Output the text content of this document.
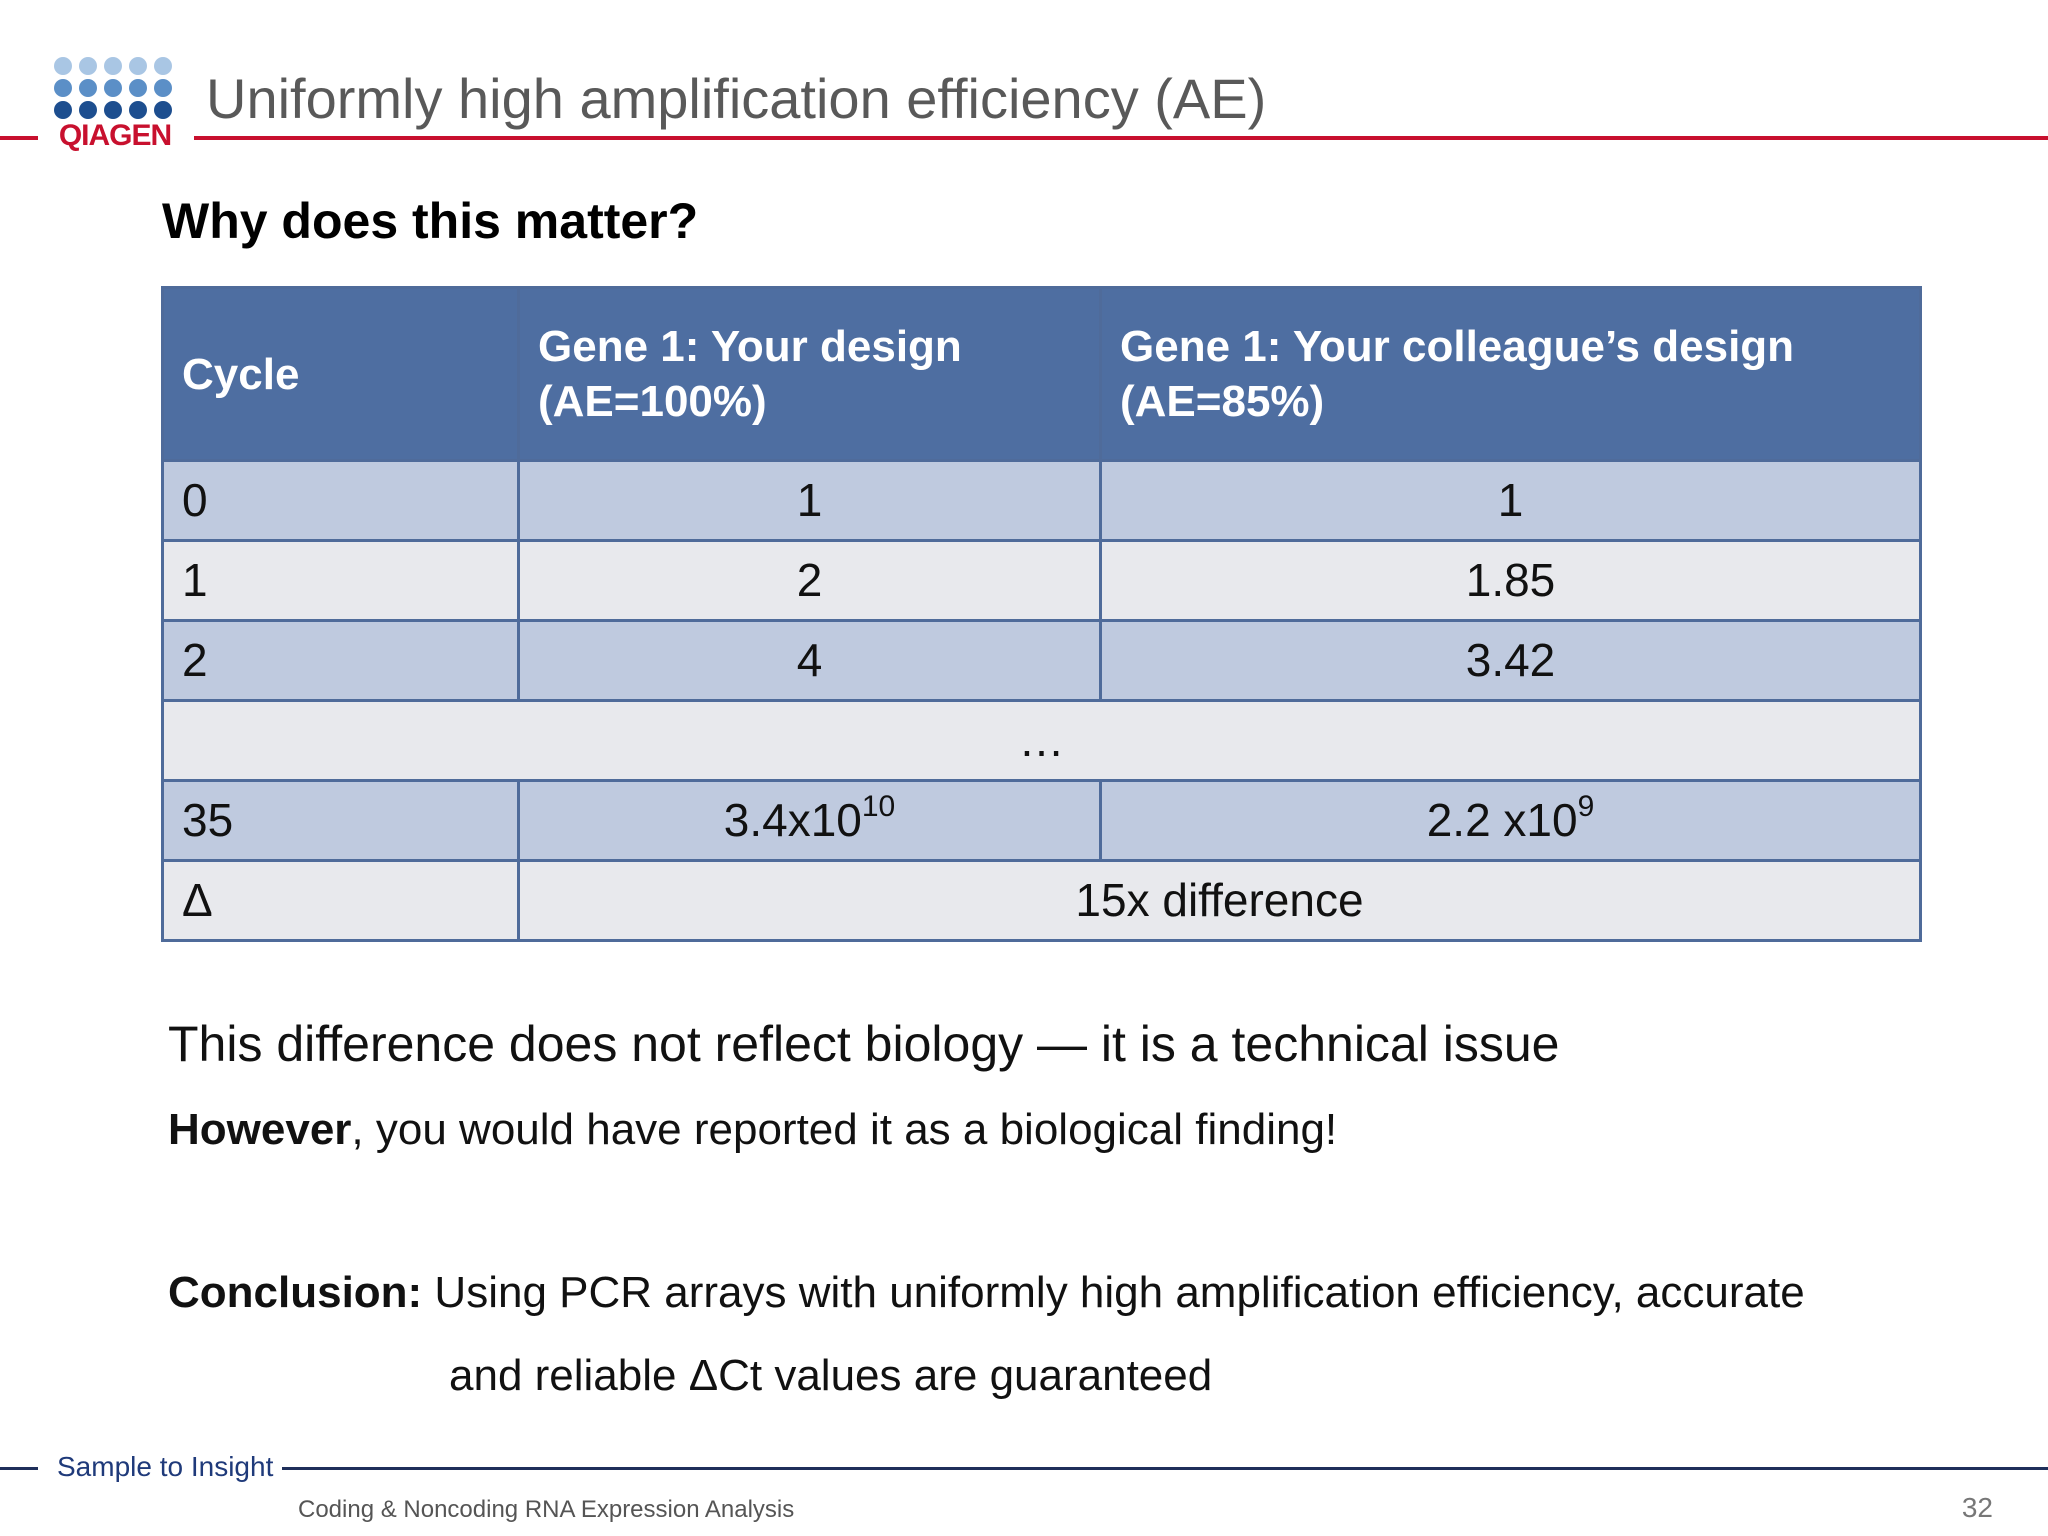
QIAGEN
Uniformly high amplification efficiency (AE)
Why does this matter?
Cycle	Gene 1: Your design (AE=100%)	Gene 1: Your colleague’s design (AE=85%)
0	1	1
1	2	1.85
2	4	3.42
…		
35	$3.4x10^{10}$	2.2 $x10^9$
Δ	15x difference	
This difference does not reflect biology — it is a technical issue
However, you would have reported it as a biological finding!
Conclusion: Using PCR arrays with uniformly high amplification efficiency, accurate
and reliable ΔCt values are guaranteed
Sample to Insight
Coding & Noncoding RNA Expression Analysis	32
